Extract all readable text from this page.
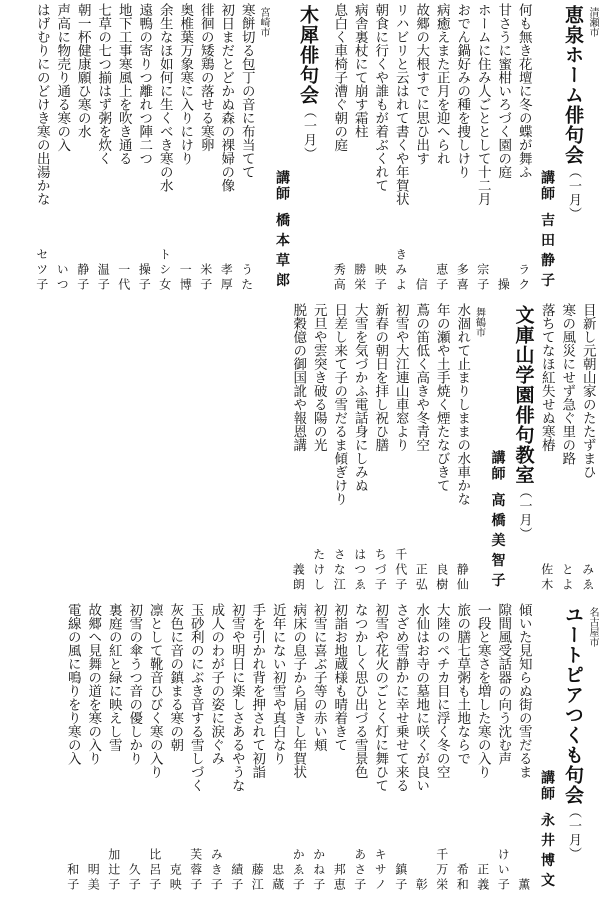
清瀬市
恵泉ホーム俳句会（一月）
講師 吉田静子
何も無き花壇に冬の蝶が舞ふ
ラク
甘さうに蜜柑いろづく園の庭
操
ホームに住み人ごととして十二月
宗子
おでん鍋好みの種を捜しけり
多喜
病癒えまた正月を迎へられ
恵子
故郷の大根すでに思ひ出す
信
リハビリと云はれて書くや年賀状
きみよ
朝食に行くや誰もが着ぶくれて
映子
病舎裏杖にて崩す霜柱
勝栄
息白く車椅子漕ぐ朝の庭
秀高
木犀俳句会（一月）
講師 橋本草郎
宮崎市
寒餅切る包丁の音に布当てて
うた
初日まだとどかぬ森の裸婦の像
孝厚
徘徊の矮鶏の落せる寒卵
米子
奥椎葉万象寒に入りにけり
一博
余生なほ如何に生くべき寒の水
トシ女
遠鴨の寄りつ離れつ陣二つ
操子
地下工事寒風上を吹き通る
一代
七草の七つ揃はず粥を炊く
温子
朝一杯健康願ひ寒の水
静子
声高に物売り通る寒の入
いつ
はげむりにのどけき寒の出湯かな
セツ子
目新し元朝山家のたたずまひ
みゑ
寒の風災にせず急ぐ里の路
とよ
落ちてなほ紅失せぬ寒椿
佐木
文庫山学園俳句教室（一月）
講師 高橋美智子
舞鶴市
水涸れて止まりしままの水車かな
静仙
年の瀬や土手焼く煙たなびきて
良樹
蔦の笛低く高きや冬青空
正弘
初雪や大江連山車窓より
千代子
新春の朝日を拝し祝ひ膳
ちづ子
大雪を気づかふ電話身にしみぬ
はつゑ
日差し来て子の雪だるま傾ぎけり
さな江
元旦や雲突き破る陽の光
たけし
脱穀億の御国訛や報恩講
義朗
名古屋市
ユートピアつくも句会（一月）
講師 永井博文
傾いた見知らぬ街の雪だるま
薫
隙間風受話器の向う沈む声
けい子
一段と寒さを増した寒の入り
正義
旅の膳七草粥も土地ならで
希和
大陸のペチカ目に浮く冬の空
千万栄
水仙はお寺の墓地に咲くが良い
彰
さざめ雪静かに幸せ乗せて来る
鎮子
初雪や花火のごとく灯に舞ひて
キサノ
なつかしく思ひ出づる雪景色
あさ子
初詣お地蔵様も晴着きて
邦恵
初雪に喜ぶ子等の赤い頬
かね子
病床の息子から届きし年賀状
かゑ子
近年にない初雪や真白なり
忠蔵
手を引かれ背を押されて初詣
藤江
初雪や明日に楽しさあるやうな
績子
成人のわが子の姿に涙ぐみ
みき子
玉砂利のにぶき音する雪しづく
芙蓉子
灰色に音の鎮まる寒の朝
克映
凛として靴音ひびく寒の入り
比呂子
初雪の傘うつ音の優しかり
久子
裏庭の紅と緑に映えし雪
加辻子
故郷へ見舞の道を寒の入り
明美
電線の風に鳴りをり寒の入
和子
